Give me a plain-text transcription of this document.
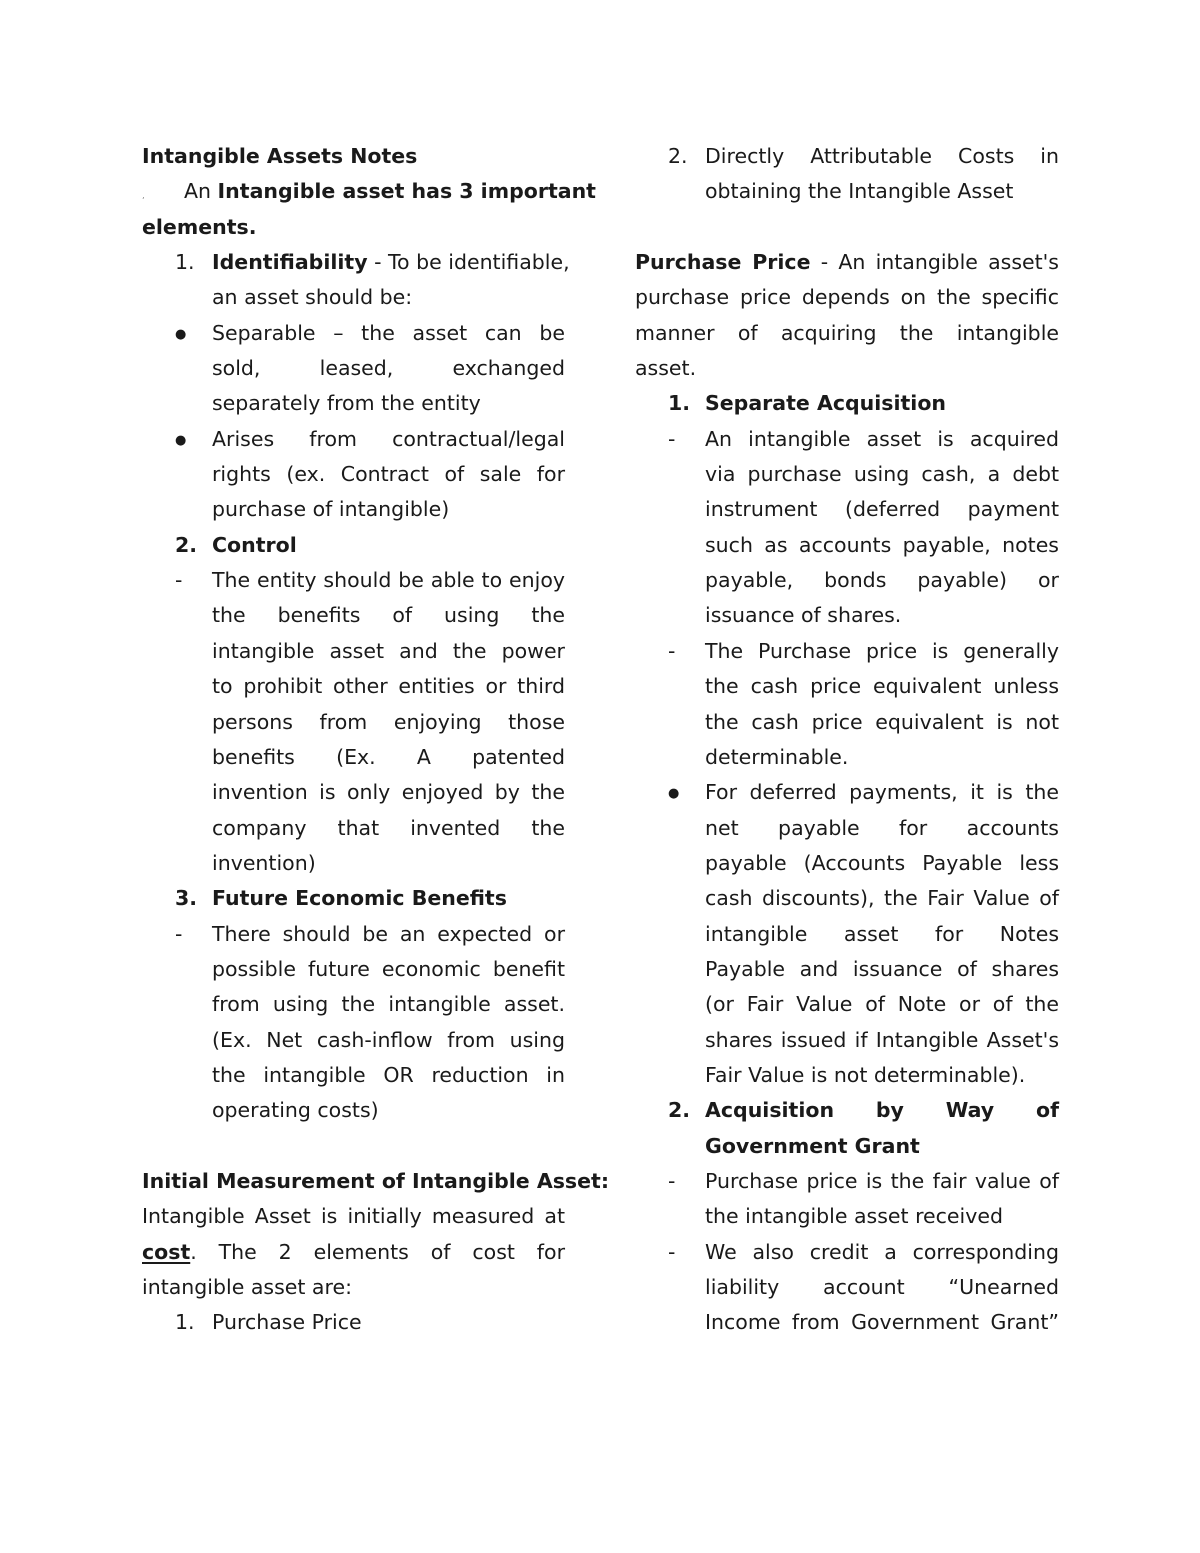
Intangible Assets Notes
‚ An Intangible asset has 3 important
elements.
1. Identifiability - To be identifiable,
an asset should be:
●	Separable – the asset can be
sold, leased, exchanged
separately from the entity
●	Arises from contractual/legal
rights (ex. Contract of sale for
purchase of intangible)
2. Control
-	The entity should be able to enjoy
the benefits of using the
intangible asset and the power
to prohibit other entities or third
persons from enjoying those
benefits (Ex. A patented
invention is only enjoyed by the
company that invented the
invention)
3. Future Economic Benefits
-	There should be an expected or
possible future economic benefit
from using the intangible asset.
(Ex. Net cash-inflow from using
the intangible OR reduction in
operating costs)
Initial Measurement of Intangible Asset:
Intangible Asset is initially measured at
cost. The 2 elements of cost for
intangible asset are:
1. Purchase Price
2. Directly Attributable Costs in
obtaining the Intangible Asset
Purchase Price - An intangible asset's
purchase price depends on the specific
manner of acquiring the intangible
asset.
1. Separate Acquisition
-	An intangible asset is acquired
via purchase using cash, a debt
instrument (deferred payment
such as accounts payable, notes
payable, bonds payable) or
issuance of shares.
-	The Purchase price is generally
the cash price equivalent unless
the cash price equivalent is not
determinable.
●	For deferred payments, it is the
net payable for accounts
payable (Accounts Payable less
cash discounts), the Fair Value of
intangible asset for Notes
Payable and issuance of shares
(or Fair Value of Note or of the
shares issued if Intangible Asset's
Fair Value is not determinable).
2. Acquisition by Way of
Government Grant
-	Purchase price is the fair value of
the intangible asset received
-	We also credit a corresponding
liability account “Unearned
Income from Government Grant”
